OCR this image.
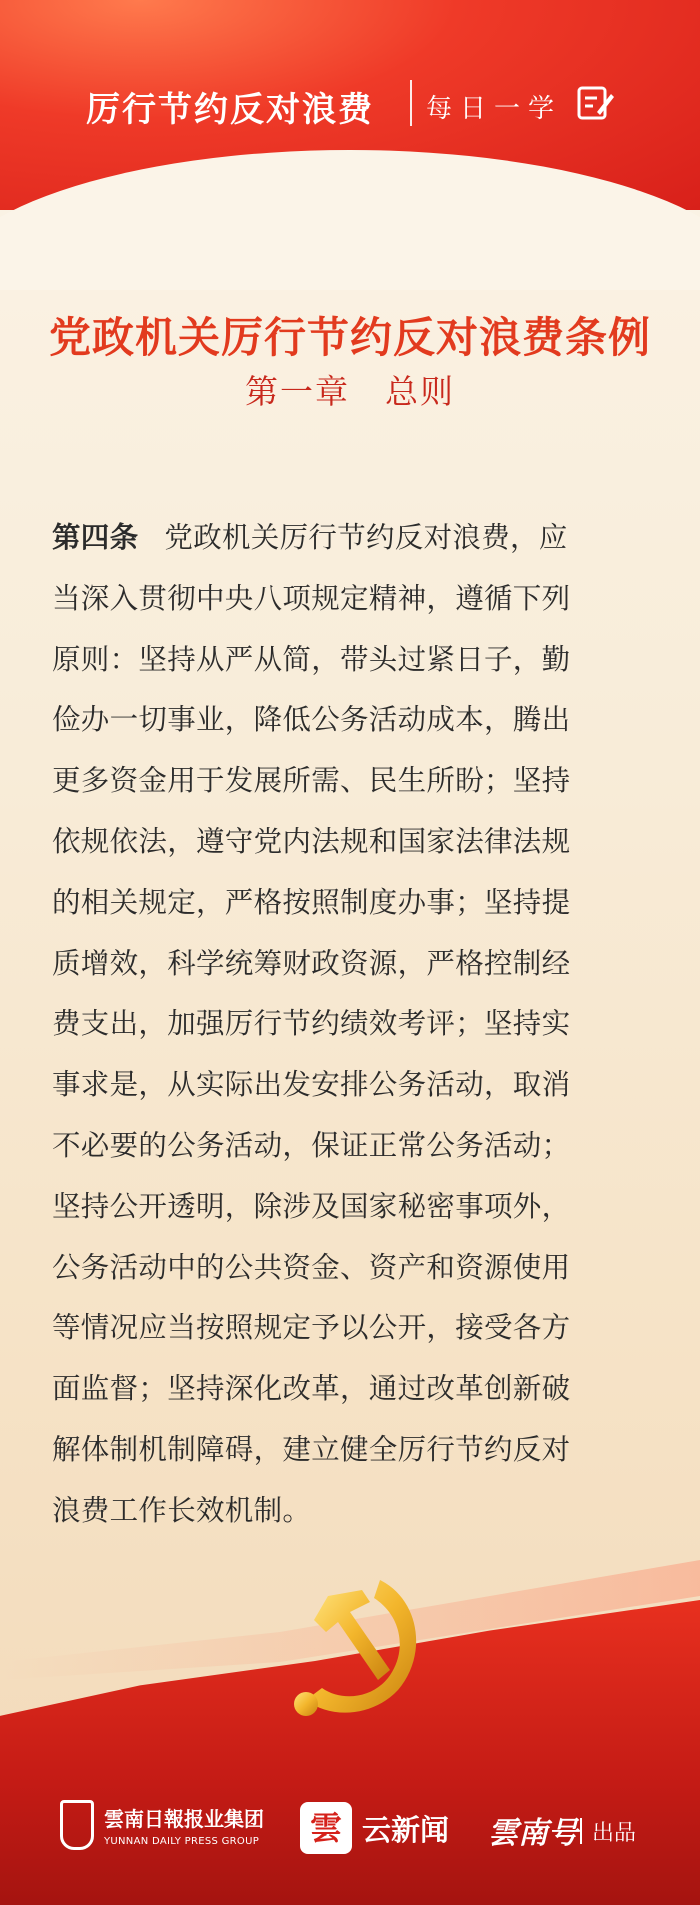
厉行节约反对浪费 每日一学
党政机关厉行节约反对浪费条例
第一章　总则
第四条 党政机关厉行节约反对浪费，应
当深入贯彻中央八项规定精神，遵循下列
原则：坚持从严从简，带头过紧日子，勤
俭办一切事业，降低公务活动成本，腾出
更多资金用于发展所需、民生所盼；坚持
依规依法，遵守党内法规和国家法律法规
的相关规定，严格按照制度办事；坚持提
质增效，科学统筹财政资源，严格控制经
费支出，加强厉行节约绩效考评；坚持实
事求是，从实际出发安排公务活动，取消
不必要的公务活动，保证正常公务活动；
坚持公开透明，除涉及国家秘密事项外，
公务活动中的公共资金、资产和资源使用
等情况应当按照规定予以公开，接受各方
面监督；坚持深化改革，通过改革创新破
解体制机制障碍，建立健全厉行节约反对
浪费工作长效机制。
雲南日報报业集团
YUNNAN DAILY PRESS GROUP	雲 云新闻 雲南号 出品
